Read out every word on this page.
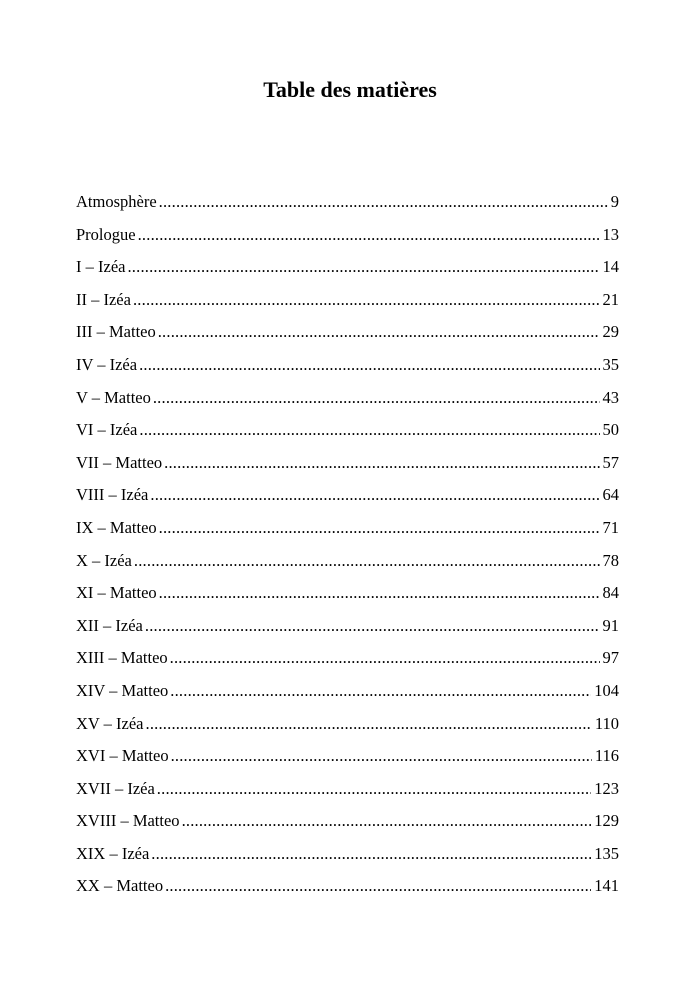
Table des matières
Atmosphère .....	9
Prologue .....	13
I – Izéa .....	14
II – Izéa .....	21
III – Matteo .....	29
IV – Izéa .....	35
V – Matteo .....	43
VI – Izéa .....	50
VII – Matteo .....	57
VIII – Izéa .....	64
IX – Matteo .....	71
X – Izéa .....	78
XI – Matteo .....	84
XII – Izéa .....	91
XIII – Matteo .....	97
XIV – Matteo .....	104
XV – Izéa .....	110
XVI – Matteo .....	116
XVII – Izéa .....	123
XVIII – Matteo .....	129
XIX – Izéa .....	135
XX – Matteo .....	141
